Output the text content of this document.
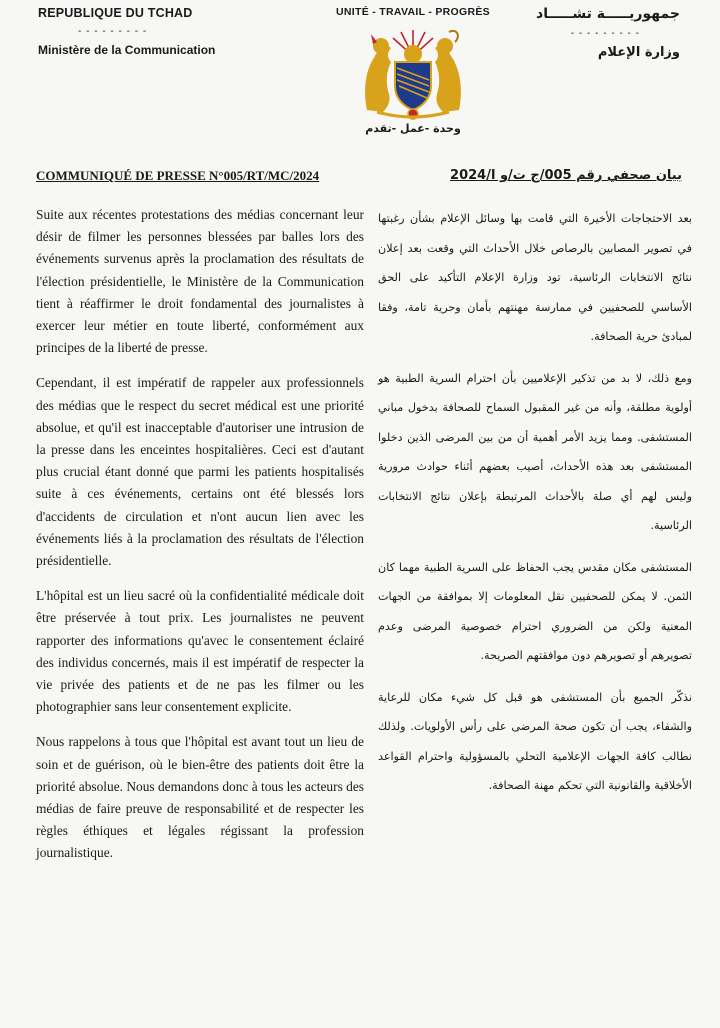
REPUBLIQUE DU TCHAD
- - - - - - - - -
Ministère de la Communication
UNITÉ - TRAVAIL - PROGRÈS
وحدة -عمل -تقدم
جمهوريـــــة تشـــــاد
- - - - - - - - -
وزارة الإعلام
COMMUNIQUÉ DE PRESSE N°005/RT/MC/2024	بيان صحفي رقم 005/ج ت/و ا/2024

Suite aux récentes protestations des médias concernant leur désir de filmer les personnes blessées par balles lors des événements survenus après la proclamation des résultats de l'élection présidentielle, le Ministère de la Communication tient à réaffirmer le droit fondamental des journalistes à exercer leur métier en toute liberté, conformément aux principes de la liberté de presse.

Cependant, il est impératif de rappeler aux professionnels des médias que le respect du secret médical est une priorité absolue, et qu'il est inacceptable d'autoriser une intrusion de la presse dans les enceintes hospitalières. Ceci est d'autant plus crucial étant donné que parmi les patients hospitalisés suite à ces événements, certains ont été blessés lors d'accidents de circulation et n'ont aucun lien avec les événements liés à la proclamation des résultats de l'élection présidentielle.

L'hôpital est un lieu sacré où la confidentialité médicale doit être préservée à tout prix. Les journalistes ne peuvent rapporter des informations qu'avec le consentement éclairé des individus concernés, mais il est impératif de respecter la vie privée des patients et de ne pas les filmer ou les photographier sans leur consentement explicite.

Nous rappelons à tous que l'hôpital est avant tout un lieu de soin et de guérison, où le bien-être des patients doit être la priorité absolue. Nous demandons donc à tous les acteurs des médias de faire preuve de responsabilité et de respecter les règles éthiques et légales régissant la profession journalistique.

بعد الاحتجاجات الأخيرة التي قامت بها وسائل الإعلام بشأن رغبتها في تصوير المصابين بالرصاص خلال الأحداث التي وقعت بعد إعلان نتائج الانتخابات الرئاسية، تود وزارة الإعلام التأكيد على الحق الأساسي للصحفيين في ممارسة مهنتهم بأمان وحرية تامة، وفقا لمبادئ حرية الصحافة.

ومع ذلك، لا بد من تذكير الإعلاميين بأن احترام السرية الطبية هو أولوية مطلقة، وأنه من غير المقبول السماح للصحافة بدخول مباني المستشفى. ومما يزيد الأمر أهمية أن من بين المرضى الذين دخلوا المستشفى بعد هذه الأحداث، أصيب بعضهم أثناء حوادث مرورية وليس لهم أي صلة بالأحداث المرتبطة بإعلان نتائج الانتخابات الرئاسية.

المستشفى مكان مقدس يجب الحفاظ على السرية الطبية مهما كان الثمن. لا يمكن للصحفيين نقل المعلومات إلا بموافقة من الجهات المعنية ولكن من الضروري احترام خصوصية المرضى وعدم تصويرهم أو تصويرهم دون موافقتهم الصريحة.

نذكّر الجميع بأن المستشفى هو قبل كل شيء مكان للرعاية والشفاء، يجب أن تكون صحة المرضى على رأس الأولويات. ولذلك نطالب كافة الجهات الإعلامية التحلي بالمسؤولية واحترام القواعد الأخلاقية والقانونية التي تحكم مهنة الصحافة.
